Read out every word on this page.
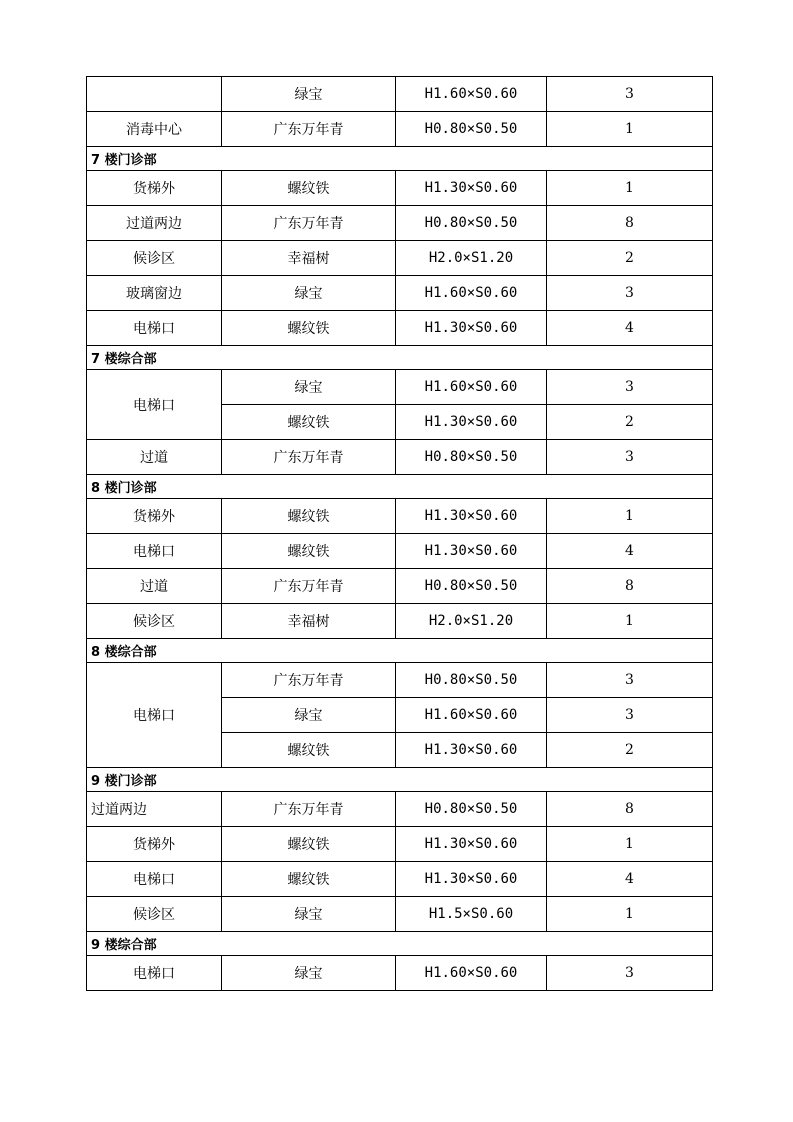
	绿宝	H1.60×S0.60	3
消毒中心	广东万年青	H0.80×S0.50	1
7 楼门诊部			
货梯外	螺纹铁	H1.30×S0.60	1
过道两边	广东万年青	H0.80×S0.50	8
候诊区	幸福树	H2.0×S1.20	2
玻璃窗边	绿宝	H1.60×S0.60	3
电梯口	螺纹铁	H1.30×S0.60	4
7 楼综合部			
电梯口	绿宝	H1.60×S0.60	3
	螺纹铁	H1.30×S0.60	2
过道	广东万年青	H0.80×S0.50	3
8 楼门诊部			
货梯外	螺纹铁	H1.30×S0.60	1
电梯口	螺纹铁	H1.30×S0.60	4
过道	广东万年青	H0.80×S0.50	8
候诊区	幸福树	H2.0×S1.20	1
8 楼综合部			
电梯口	广东万年青	H0.80×S0.50	3
	绿宝	H1.60×S0.60	3
	螺纹铁	H1.30×S0.60	2
9 楼门诊部			
过道两边	广东万年青	H0.80×S0.50	8
货梯外	螺纹铁	H1.30×S0.60	1
电梯口	螺纹铁	H1.30×S0.60	4
候诊区	绿宝	H1.5×S0.60	1
9 楼综合部			
电梯口	绿宝	H1.60×S0.60	3
